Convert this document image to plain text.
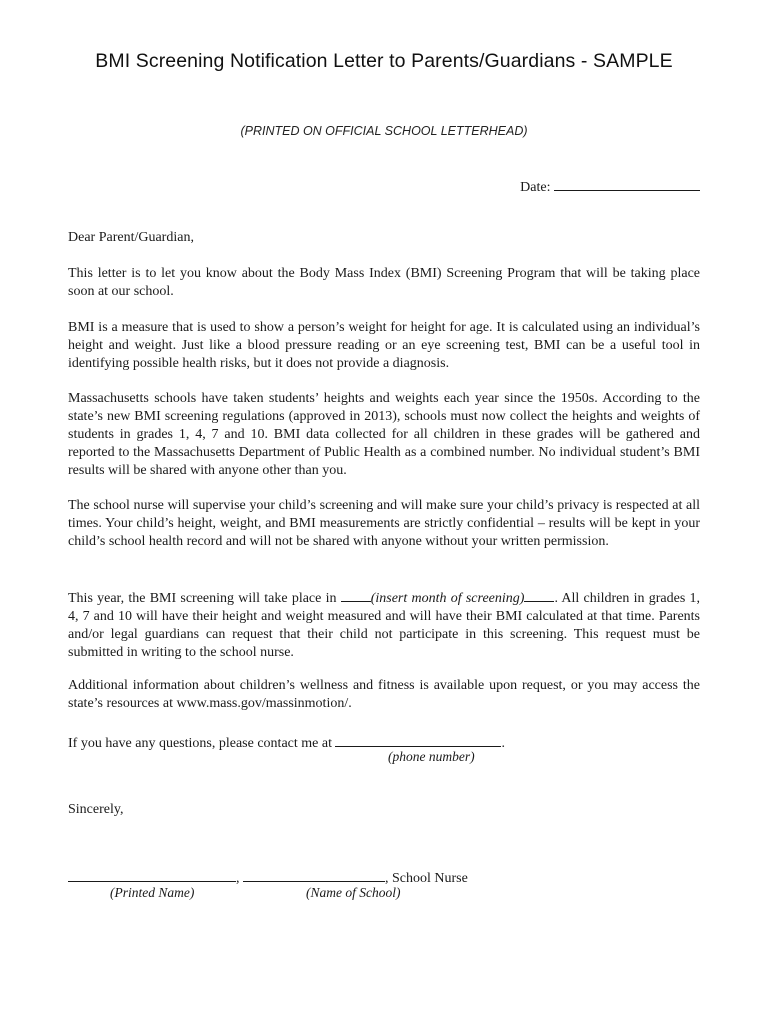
BMI Screening Notification Letter to Parents/Guardians - SAMPLE
(PRINTED ON OFFICIAL SCHOOL LETTERHEAD)
Date:
Dear Parent/Guardian,
This letter is to let you know about the Body Mass Index (BMI) Screening Program that will be taking place soon at our school.
BMI is a measure that is used to show a person’s weight for height for age. It is calculated using an individual’s height and weight. Just like a blood pressure reading or an eye screening test, BMI can be a useful tool in identifying possible health risks, but it does not provide a diagnosis.
Massachusetts schools have taken students’ heights and weights each year since the 1950s. According to the state’s new BMI screening regulations (approved in 2013), schools must now collect the heights and weights of students in grades 1, 4, 7 and 10. BMI data collected for all children in these grades will be gathered and reported to the Massachusetts Department of Public Health as a combined number. No individual student’s BMI results will be shared with anyone other than you.
The school nurse will supervise your child’s screening and will make sure your child’s privacy is respected at all times. Your child’s height, weight, and BMI measurements are strictly confidential – results will be kept in your child’s school health record and will not be shared with anyone without your written permission.
This year, the BMI screening will take place in (insert month of screening) . All children in grades 1, 4, 7 and 10 will have their height and weight measured and will have their BMI calculated at that time. Parents and/or legal guardians can request that their child not participate in this screening. This request must be submitted in writing to the school nurse.
Additional information about children’s wellness and fitness is available upon request, or you may access the state’s resources at www.mass.gov/massinmotion/.
If you have any questions, please contact me at	.
(phone number)
Sincerely,
,	, School Nurse
(Printed Name)	(Name of School)
